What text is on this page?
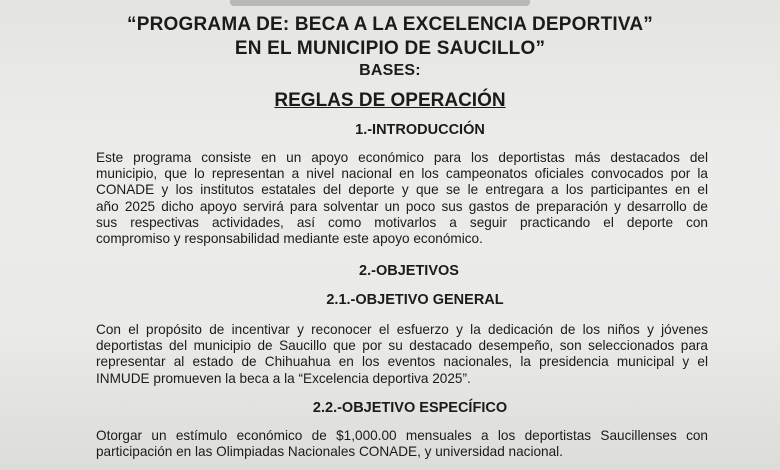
“PROGRAMA DE: BECA A LA EXCELENCIA DEPORTIVA”
EN EL MUNICIPIO DE SAUCILLO”
BASES:
REGLAS DE OPERACIÓN
1.-INTRODUCCIÓN
Este programa consiste en un apoyo económico para los deportistas más destacados del
municipio, que lo representan a nivel nacional en los campeonatos oficiales convocados por la
CONADE y los institutos estatales del deporte y que se le entregara a los participantes en el
año 2025 dicho apoyo servirá para solventar un poco sus gastos de preparación y desarrollo de
sus respectivas actividades, así como motivarlos a seguir practicando el deporte con
compromiso y responsabilidad mediante este apoyo económico.
2.-OBJETIVOS
2.1.-OBJETIVO GENERAL
Con el propósito de incentivar y reconocer el esfuerzo y la dedicación de los niños y jóvenes
deportistas del municipio de Saucillo que por su destacado desempeño, son seleccionados para
representar al estado de Chihuahua en los eventos nacionales, la presidencia municipal y el
INMUDE promueven la beca a la “Excelencia deportiva 2025”.
2.2.-OBJETIVO ESPECÍFICO
Otorgar un estímulo económico de $1,000.00 mensuales a los deportistas Saucillenses con
participación en las Olimpiadas Nacionales CONADE, y universidad nacional.
